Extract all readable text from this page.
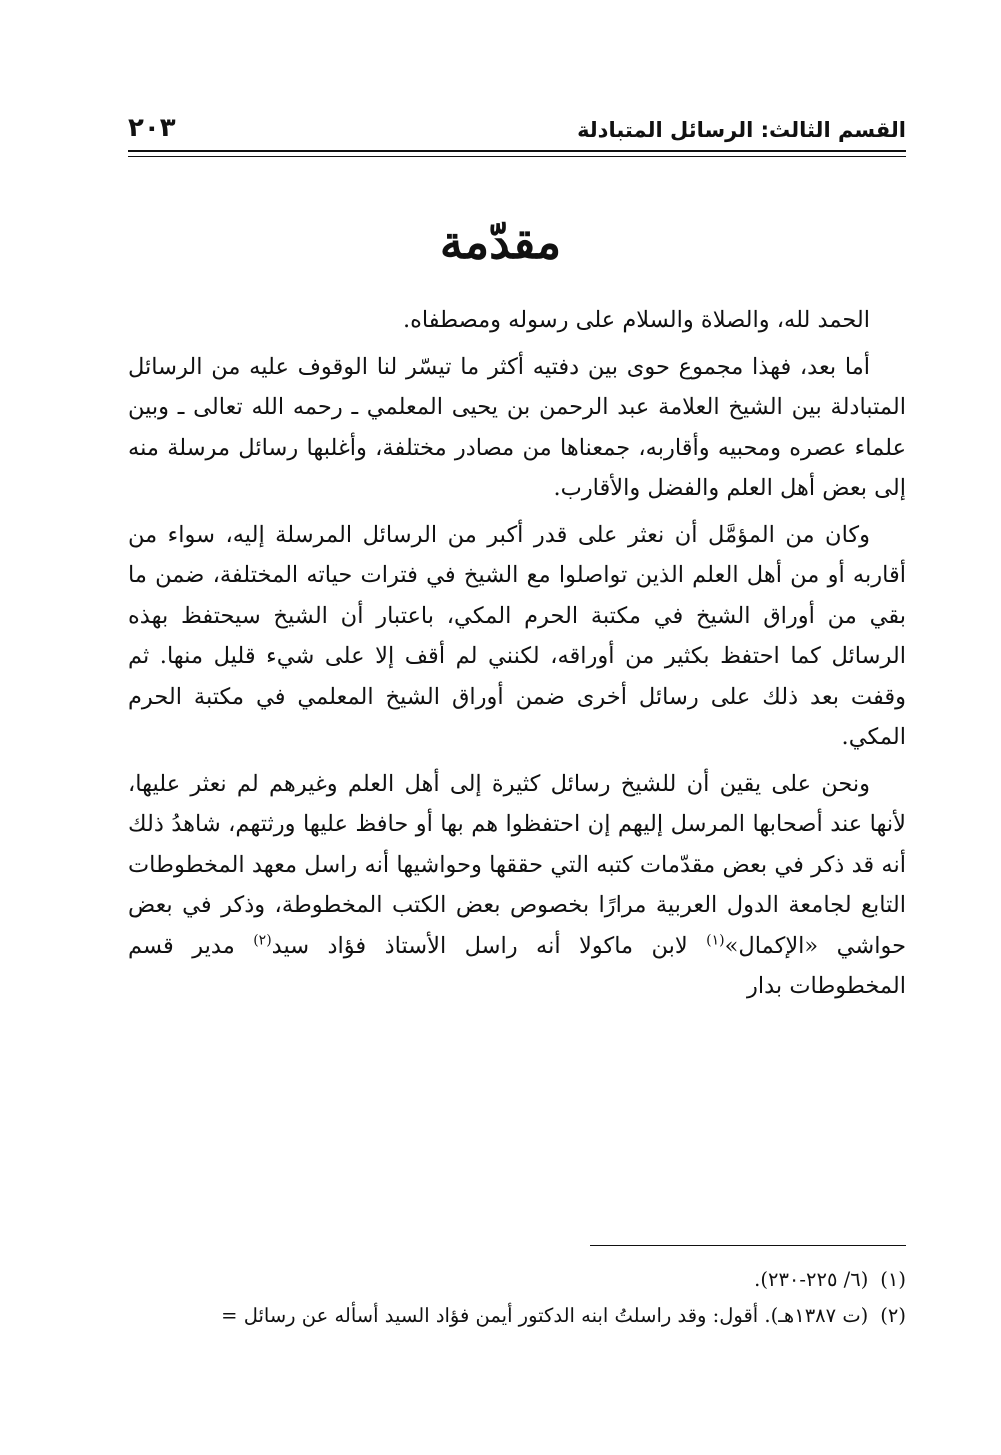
القسم الثالث: الرسائل المتبادلة
٢٠٣
مقدّمة

الحمد لله، والصلاة والسلام على رسوله ومصطفاه.

أما بعد، فهذا مجموع حوى بين دفتيه أكثر ما تيسّر لنا الوقوف عليه من الرسائل المتبادلة بين الشيخ العلامة عبد الرحمن بن يحيى المعلمي ـ رحمه الله تعالى ـ وبين علماء عصره ومحبيه وأقاربه، جمعناها من مصادر مختلفة، وأغلبها رسائل مرسلة منه إلى بعض أهل العلم والفضل والأقارب.

وكان من المؤمَّل أن نعثر على قدر أكبر من الرسائل المرسلة إليه، سواء من أقاربه أو من أهل العلم الذين تواصلوا مع الشيخ في فترات حياته المختلفة، ضمن ما بقي من أوراق الشيخ في مكتبة الحرم المكي، باعتبار أن الشيخ سيحتفظ بهذه الرسائل كما احتفظ بكثير من أوراقه، لكنني لم أقف إلا على شيء قليل منها. ثم وقفت بعد ذلك على رسائل أخرى ضمن أوراق الشيخ المعلمي في مكتبة الحرم المكي.

ونحن على يقين أن للشيخ رسائل كثيرة إلى أهل العلم وغيرهم لم نعثر عليها، لأنها عند أصحابها المرسل إليهم إن احتفظوا هم بها أو حافظ عليها ورثتهم، شاهدُ ذلك أنه قد ذكر في بعض مقدّمات كتبه التي حققها وحواشيها أنه راسل معهد المخطوطات التابع لجامعة الدول العربية مرارًا بخصوص بعض الكتب المخطوطة، وذكر في بعض حواشي «الإكمال»$^{(١)}$ لابن ماكولا أنه راسل الأستاذ فؤاد سيد$^{(٢)}$ مدير قسم المخطوطات بدار

(١)(٦/ ٢٢٥-٢٣٠).

(٢)(ت ١٣٨٧هـ). أقول: وقد راسلتُ ابنه الدكتور أيمن فؤاد السيد أسأله عن رسائل =
